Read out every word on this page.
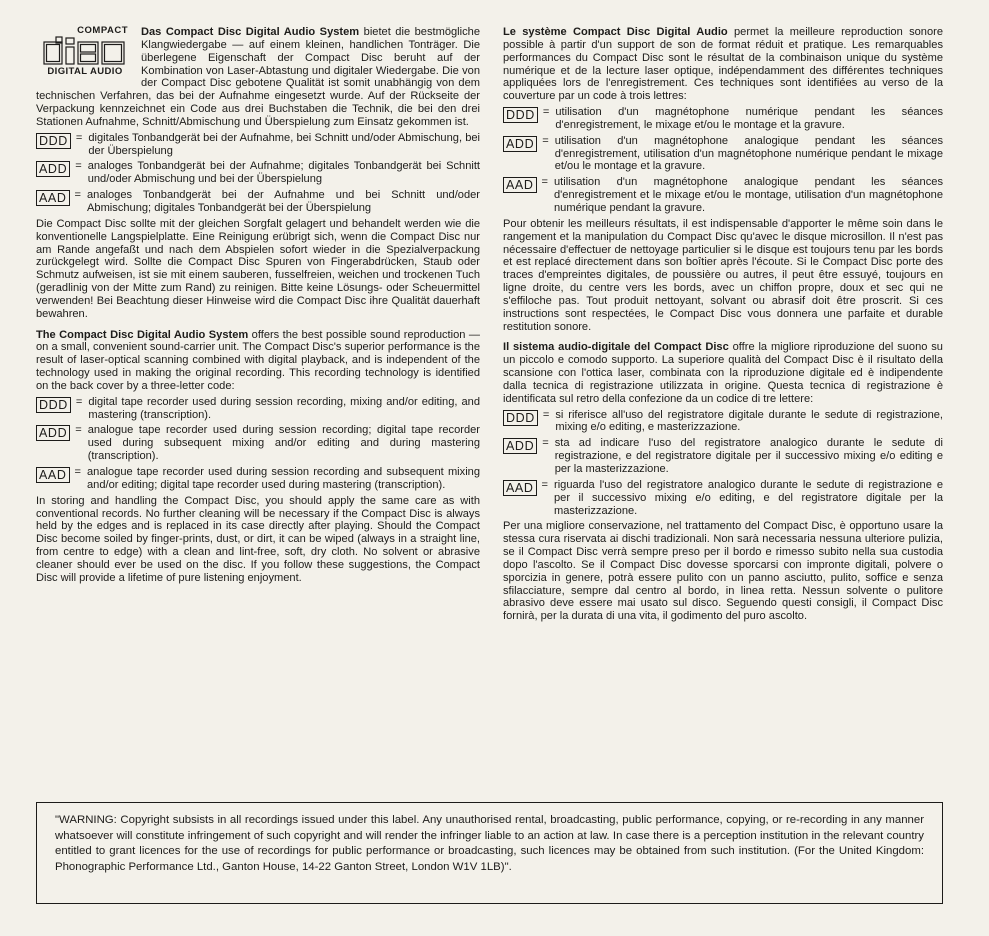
COMPACT
DIGITAL AUDIO

Das Compact Disc Digital Audio System bietet die bestmögliche Klangwiedergabe — auf einem kleinen, handlichen Tonträger. Die überlegene Eigenschaft der Compact Disc beruht auf der Kombination von Laser-Abtastung und digitaler Wiedergabe. Die von der Compact Disc gebotene Qualität ist somit unabhängig von dem technischen Verfahren, das bei der Aufnahme eingesetzt wurde. Auf der Rückseite der Verpackung kennzeichnet ein Code aus drei Buchstaben die Technik, die bei den drei Stationen Aufnahme, Schnitt/Abmischung und Überspielung zum Einsatz gekommen ist.

DDD = digitales Tonbandgerät bei der Aufnahme, bei Schnitt und/oder Abmischung, bei der Überspielung
ADD = analoges Tonbandgerät bei der Aufnahme; digitales Tonbandgerät bei Schnitt und/oder Abmischung und bei der Überspielung
AAD = analoges Tonbandgerät bei der Aufnahme und bei Schnitt und/oder Abmischung; digitales Tonbandgerät bei der Überspielung

Die Compact Disc sollte mit der gleichen Sorgfalt gelagert und behandelt werden wie die konventionelle Langspielplatte. Eine Reinigung erübrigt sich, wenn die Compact Disc nur am Rande angefaßt und nach dem Abspielen sofort wieder in die Spezialverpackung zurückgelegt wird. Sollte die Compact Disc Spuren von Fingerabdrücken, Staub oder Schmutz aufweisen, ist sie mit einem sauberen, fusselfreien, weichen und trockenen Tuch (geradlinig von der Mitte zum Rand) zu reinigen. Bitte keine Lösungs- oder Scheuermittel verwenden! Bei Beachtung dieser Hinweise wird die Compact Disc ihre Qualität dauerhaft bewahren.

The Compact Disc Digital Audio System offers the best possible sound reproduction — on a small, convenient sound-carrier unit. The Compact Disc's superior performance is the result of laser-optical scanning combined with digital playback, and is independent of the technology used in making the original recording. This recording technology is identified on the back cover by a three-letter code:

DDD = digital tape recorder used during session recording, mixing and/or editing, and mastering (transcription).
ADD = analogue tape recorder used during session recording; digital tape recorder used during subsequent mixing and/or editing and during mastering (transcription).
AAD = analogue tape recorder used during session recording and subsequent mixing and/or editing; digital tape recorder used during mastering (transcription).

In storing and handling the Compact Disc, you should apply the same care as with conventional records. No further cleaning will be necessary if the Compact Disc is always held by the edges and is replaced in its case directly after playing. Should the Compact Disc become soiled by finger-prints, dust, or dirt, it can be wiped (always in a straight line, from centre to edge) with a clean and lint-free, soft, dry cloth. No solvent or abrasive cleaner should ever be used on the disc. If you follow these suggestions, the Compact Disc will provide a lifetime of pure listening enjoyment.

Le système Compact Disc Digital Audio permet la meilleure reproduction sonore possible à partir d'un support de son de format réduit et pratique. Les remarquables performances du Compact Disc sont le résultat de la combinaison unique du système numérique et de la lecture laser optique, indépendamment des différentes techniques appliquées lors de l'enregistrement. Ces techniques sont identifiées au verso de la couverture par un code à trois lettres:

DDD = utilisation d'un magnétophone numérique pendant les séances d'enregistrement, le mixage et/ou le montage et la gravure.
ADD = utilisation d'un magnétophone analogique pendant les séances d'enregistrement, utilisation d'un magnétophone numérique pendant le mixage et/ou le montage et la gravure.
AAD = utilisation d'un magnétophone analogique pendant les séances d'enregistrement et le mixage et/ou le montage, utilisation d'un magnétophone numérique pendant la gravure.

Pour obtenir les meilleurs résultats, il est indispensable d'apporter le même soin dans le rangement et la manipulation du Compact Disc qu'avec le disque microsillon. Il n'est pas nécessaire d'effectuer de nettoyage particulier si le disque est toujours tenu par les bords et est replacé directement dans son boîtier après l'écoute. Si le Compact Disc porte des traces d'empreintes digitales, de poussière ou autres, il peut être essuyé, toujours en ligne droite, du centre vers les bords, avec un chiffon propre, doux et sec qui ne s'effiloche pas. Tout produit nettoyant, solvant ou abrasif doit être proscrit. Si ces instructions sont respectées, le Compact Disc vous donnera une parfaite et durable restitution sonore.

Il sistema audio-digitale del Compact Disc offre la migliore riproduzione del suono su un piccolo e comodo supporto. La superiore qualità del Compact Disc è il risultato della scansione con l'ottica laser, combinata con la riproduzione digitale ed è indipendente dalla tecnica di registrazione utilizzata in origine. Questa tecnica di registrazione è identificata sul retro della confezione da un codice di tre lettere:

DDD = si riferisce all'uso del registratore digitale durante le sedute di registrazione, mixing e/o editing, e masterizzazione.
ADD = sta ad indicare l'uso del registratore analogico durante le sedute di registrazione, e del registratore digitale per il successivo mixing e/o editing e per la masterizzazione.
AAD = riguarda l'uso del registratore analogico durante le sedute di registrazione e per il successivo mixing e/o editing, e del registratore digitale per la masterizzazione.

Per una migliore conservazione, nel trattamento del Compact Disc, è opportuno usare la stessa cura riservata ai dischi tradizionali. Non sarà necessaria nessuna ulteriore pulizia, se il Compact Disc verrà sempre preso per il bordo e rimesso subito nella sua custodia dopo l'ascolto. Se il Compact Disc dovesse sporcarsi con impronte digitali, polvere o sporcizia in genere, potrà essere pulito con un panno asciutto, pulito, soffice e senza sfilacciature, sempre dal centro al bordo, in linea retta. Nessun solvente o pulitore abrasivo deve essere mai usato sul disco. Seguendo questi consigli, il Compact Disc fornirà, per la durata di una vita, il godimento del puro ascolto.

"WARNING: Copyright subsists in all recordings issued under this label. Any unauthorised rental, broadcasting, public performance, copying, or re-recording in any manner whatsoever will constitute infringement of such copyright and will render the infringer liable to an action at law. In case there is a perception institution in the relevant country entitled to grant licences for the use of recordings for public performance or broadcasting, such licences may be obtained from such institution. (For the United Kingdom: Phonographic Performance Ltd., Ganton House, 14-22 Ganton Street, London W1V 1LB)".
